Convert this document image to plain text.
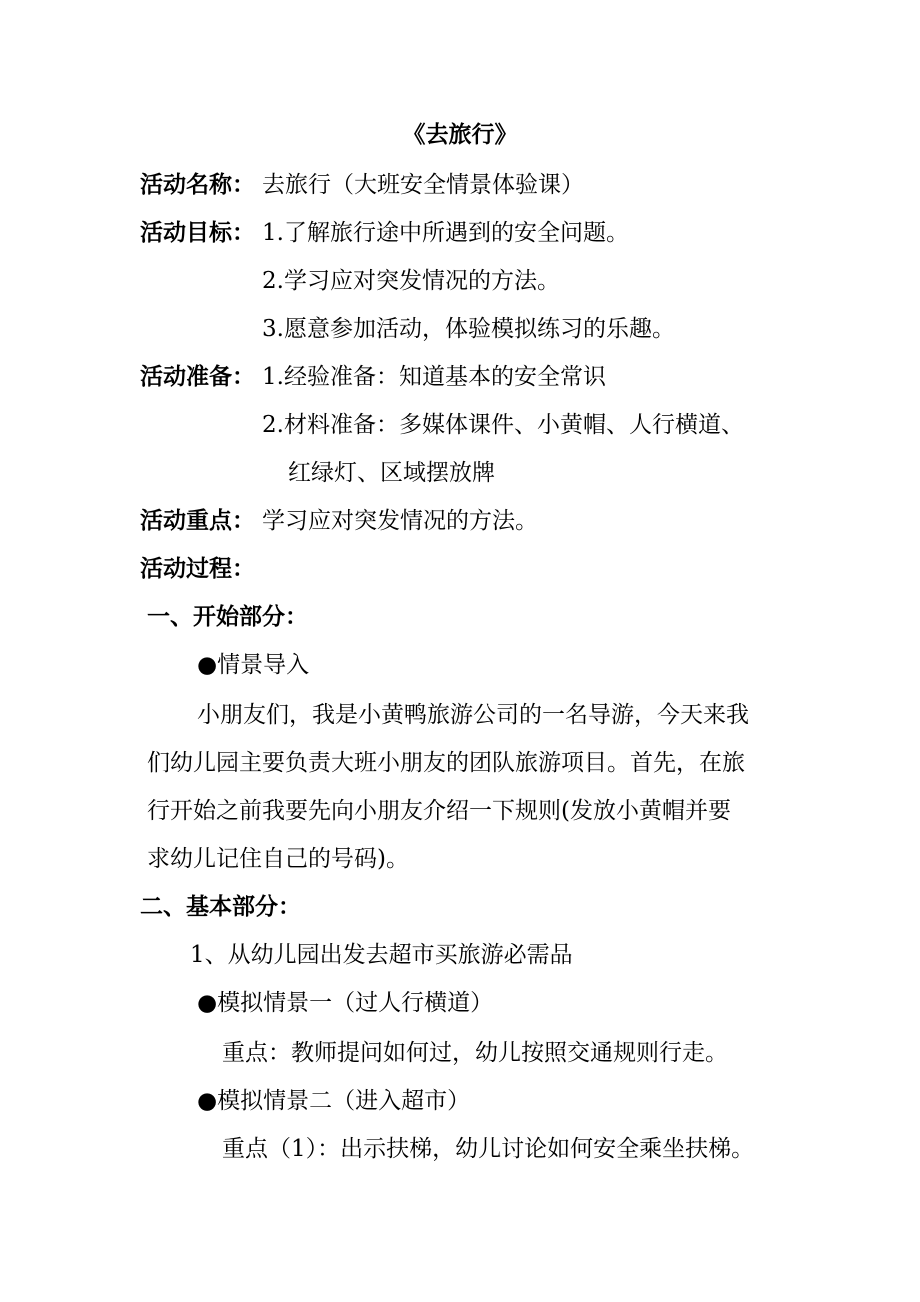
《去旅行》
活动名称： 去旅行（大班安全情景体验课）
活动目标： 1.了解旅行途中所遇到的安全问题。
2.学习应对突发情况的方法。
3.愿意参加活动，体验模拟练习的乐趣。
活动准备： 1.经验准备：知道基本的安全常识
2.材料准备：多媒体课件、小黄帽、人行横道、
红绿灯、区域摆放牌
活动重点： 学习应对突发情况的方法。
活动过程：
一、开始部分：
●情景导入
小朋友们，我是小黄鸭旅游公司的一名导游，今天来我
们幼儿园主要负责大班小朋友的团队旅游项目。首先，在旅
行开始之前我要先向小朋友介绍一下规则(发放小黄帽并要
求幼儿记住自己的号码)。
二、基本部分：
1、从幼儿园出发去超市买旅游必需品
●模拟情景一（过人行横道）
重点：教师提问如何过，幼儿按照交通规则行走。
●模拟情景二（进入超市）
重点（1）：出示扶梯，幼儿讨论如何安全乘坐扶梯。
